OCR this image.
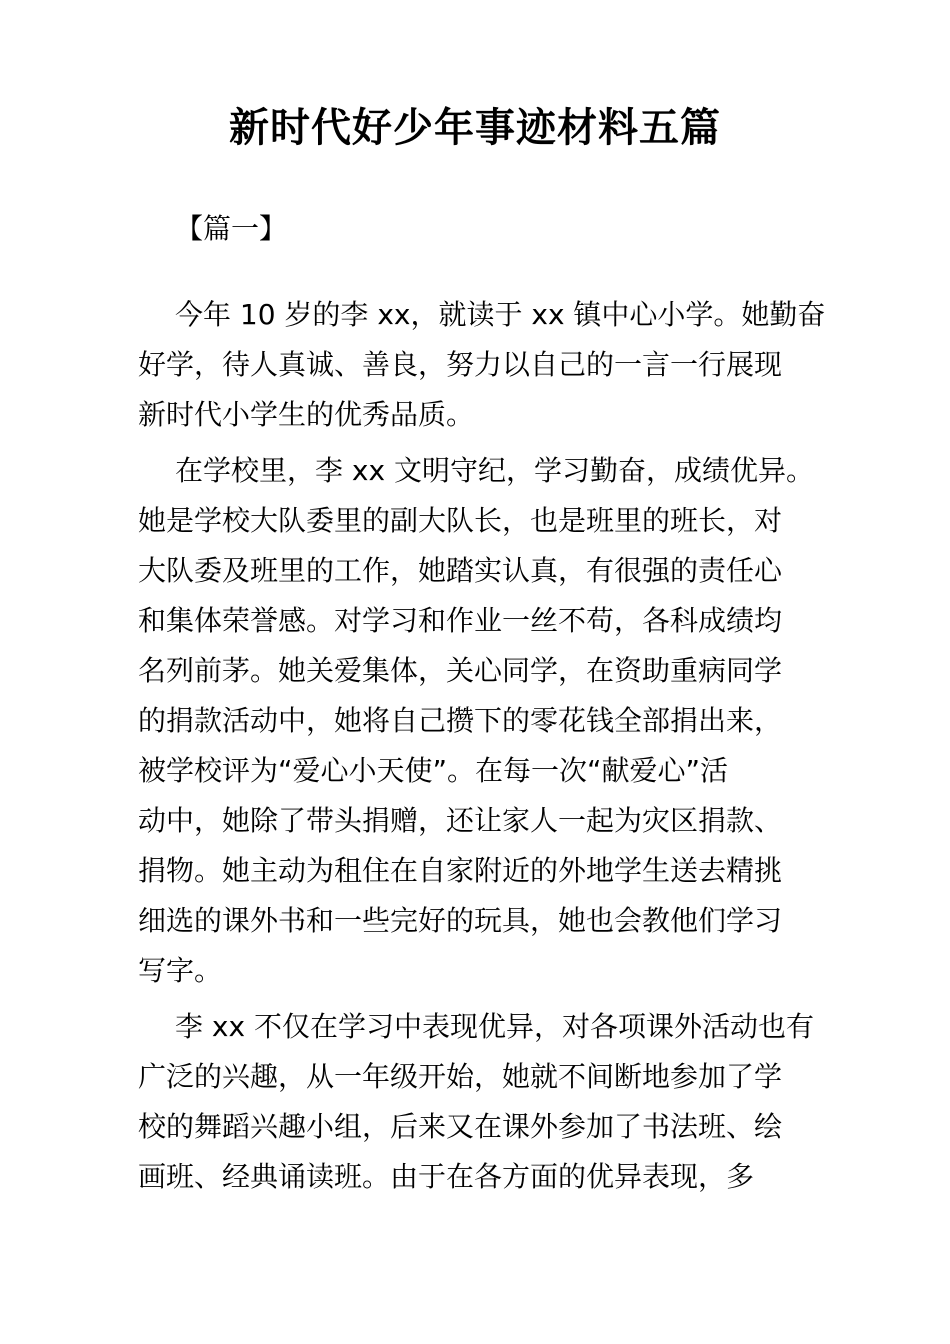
新时代好少年事迹材料五篇
【篇一】
今年 10 岁的李 xx，就读于 xx 镇中心小学。她勤奋
好学，待人真诚、善良，努力以自己的一言一行展现
新时代小学生的优秀品质。
在学校里，李 xx 文明守纪，学习勤奋，成绩优异。
她是学校大队委里的副大队长，也是班里的班长，对
大队委及班里的工作，她踏实认真，有很强的责任心
和集体荣誉感。对学习和作业一丝不苟，各科成绩均
名列前茅。她关爱集体，关心同学，在资助重病同学
的捐款活动中，她将自己攒下的零花钱全部捐出来，
被学校评为“爱心小天使”。在每一次“献爱心”活
动中，她除了带头捐赠，还让家人一起为灾区捐款、
捐物。她主动为租住在自家附近的外地学生送去精挑
细选的课外书和一些完好的玩具，她也会教他们学习
写字。
李 xx 不仅在学习中表现优异，对各项课外活动也有
广泛的兴趣，从一年级开始，她就不间断地参加了学
校的舞蹈兴趣小组，后来又在课外参加了书法班、绘
画班、经典诵读班。由于在各方面的优异表现，多
